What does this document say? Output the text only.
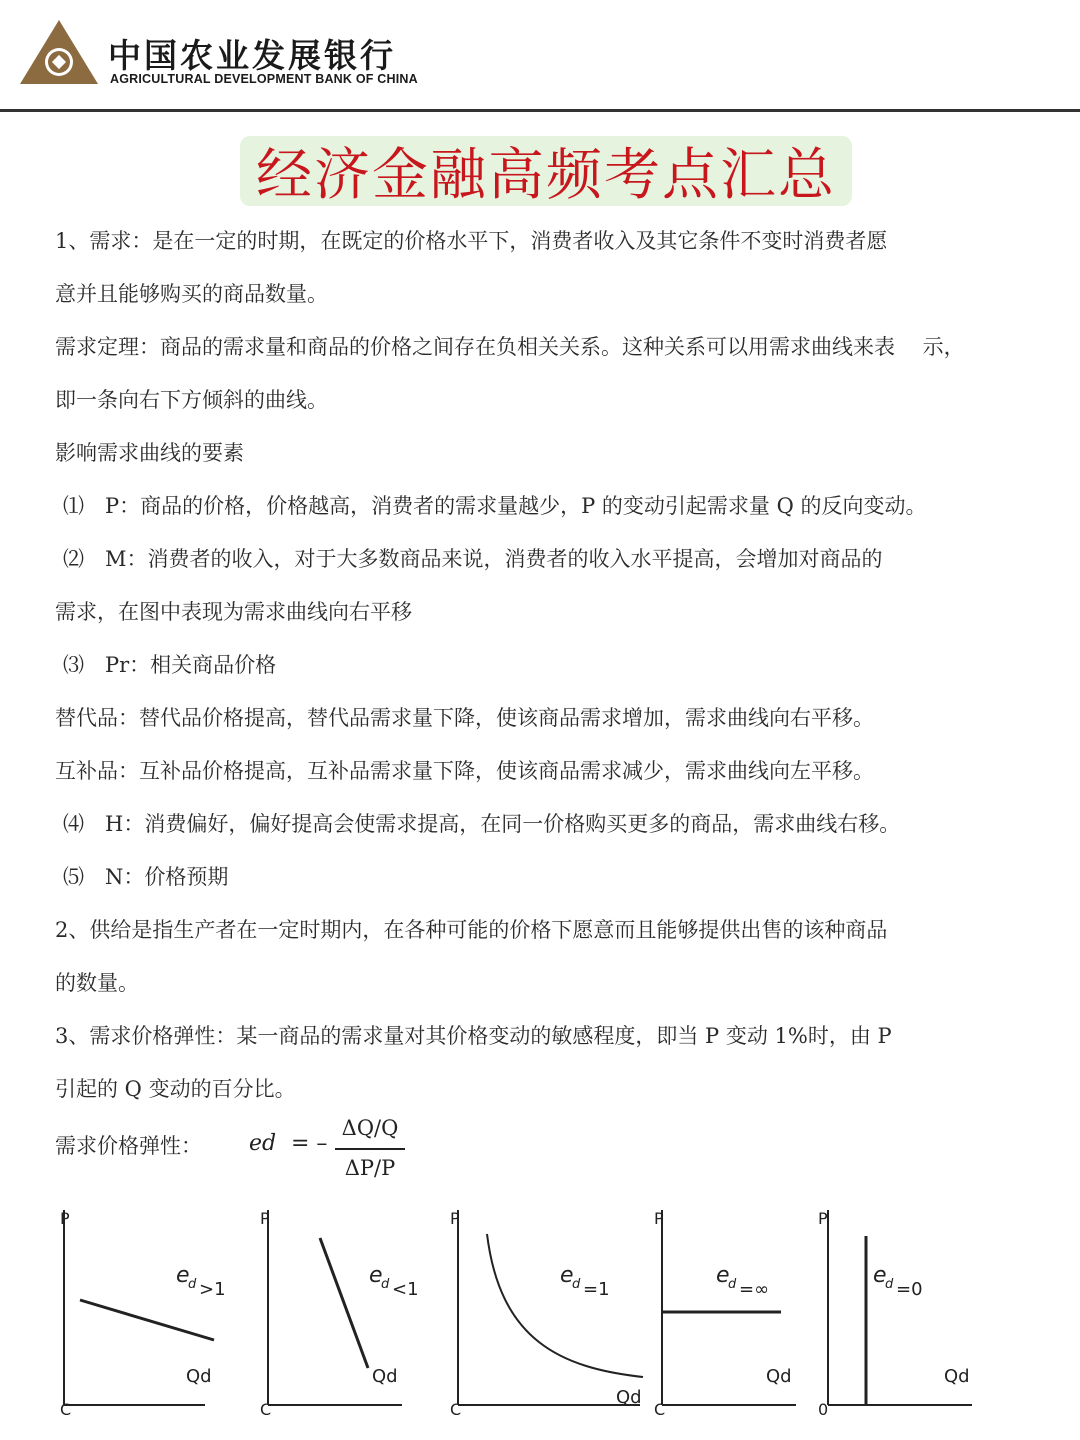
中国农业发展银行
AGRICULTURAL DEVELOPMENT BANK OF CHINA
经济金融高频考点汇总
1、需求：是在一定的时期，在既定的价格水平下，消费者收入及其它条件不变时消费者愿
意并且能够购买的商品数量。
需求定理：商品的需求量和商品的价格之间存在负相关关系。这种关系可以用需求曲线来表　 示，
即一条向右下方倾斜的曲线。
影响需求曲线的要素
⑴　P：商品的价格，价格越高，消费者的需求量越少，P 的变动引起需求量 Q 的反向变动。
⑵　M：消费者的收入，对于大多数商品来说，消费者的收入水平提高，会增加对商品的
需求，在图中表现为需求曲线向右平移
⑶　Pr：相关商品价格
替代品：替代品价格提高，替代品需求量下降，使该商品需求增加，需求曲线向右平移。
互补品：互补品价格提高，互补品需求量下降，使该商品需求减少，需求曲线向左平移。
⑷　H：消费偏好，偏好提高会使需求提高，在同一价格购买更多的商品，需求曲线右移。
⑸　N：价格预期
2、供给是指生产者在一定时期内，在各种可能的价格下愿意而且能够提供出售的该种商品
的数量。
3、需求价格弹性：某一商品的需求量对其价格变动的敏感程度，即当 P 变动 1%时，由 P
引起的 Q 变动的百分比。
需求价格弹性： ed = –
ΔQ/Q
ΔP/P
P
C
Qd
e
d >1
P
C
Qd
e
d <1
P
C
Qd
e
d =1
P
C
Qd
e
d =∞
P
0
Qd
e
d =0
